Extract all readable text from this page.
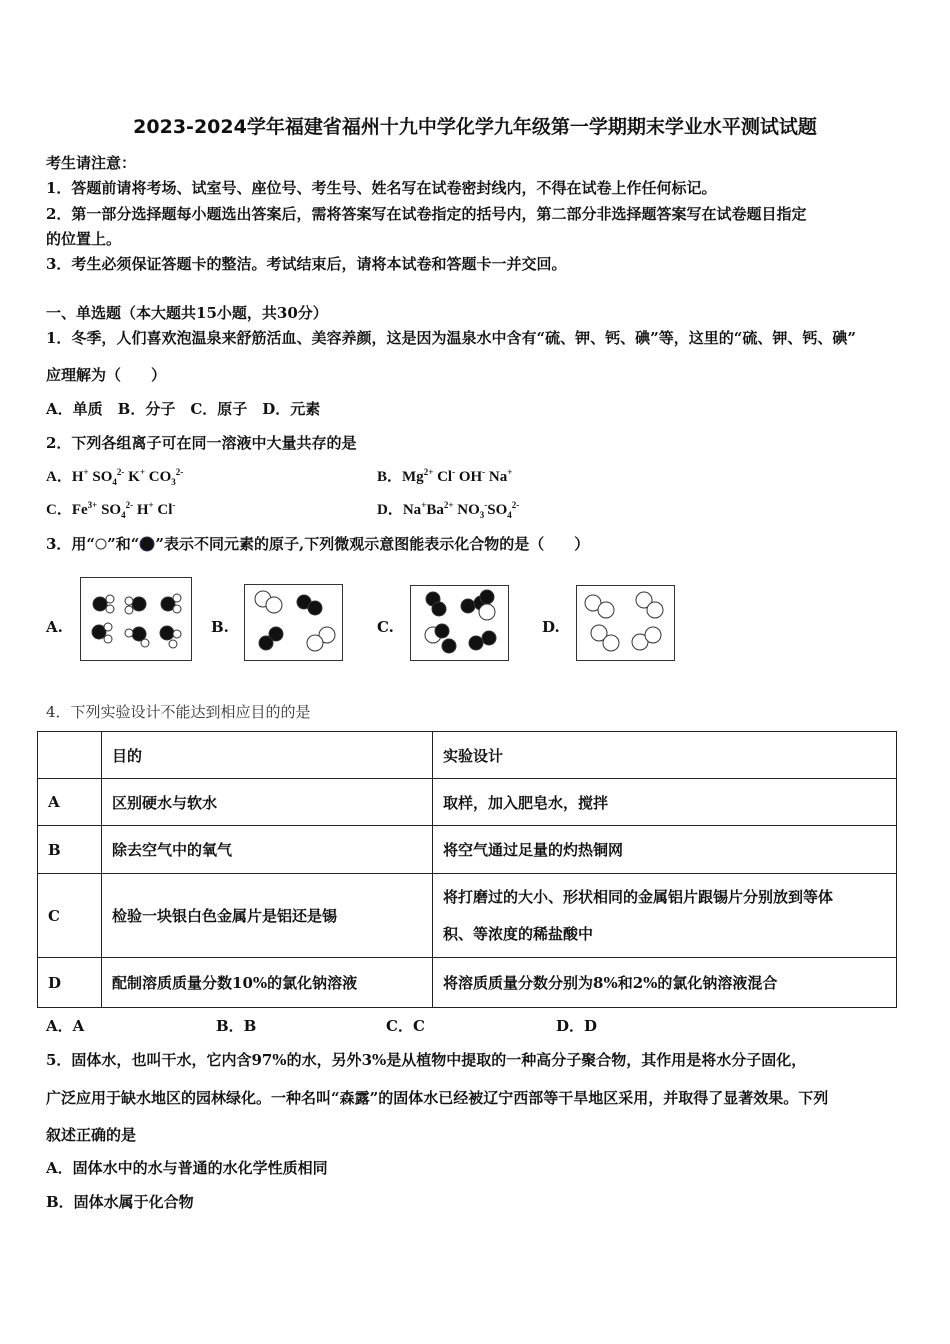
2023-2024学年福建省福州十九中学化学九年级第一学期期末学业水平测试试题
考生请注意：
1．答题前请将考场、试室号、座位号、考生号、姓名写在试卷密封线内，不得在试卷上作任何标记。
2．第一部分选择题每小题选出答案后，需将答案写在试卷指定的括号内，第二部分非选择题答案写在试卷题目指定
的位置上。
3．考生必须保证答题卡的整洁。考试结束后，请将本试卷和答题卡一并交回。
一、单选题（本大题共15小题，共30分）
1．冬季，人们喜欢泡温泉来舒筋活血、美容养颜，这是因为温泉水中含有“硫、钾、钙、碘”等，这里的“硫、钾、钙、碘”
应理解为（　　）
A．单质　B．分子　C．原子　D．元素
2．下列各组离子可在同一溶液中大量共存的是
A．H+ $SO_4^{2-}$ K+ $CO_3^{2-}$	B．$Mg^{2+}$ Cl- OH- Na+
C．$Fe^{3+}$ $SO_4^{2-}$ H+ Cl-	D．$Na^+Ba^{2+}$ $NO_3^-SO_4^{2-}$
3．用“ ”和“ ”表示不同元素的原子,下列微观示意图能表示化合物的是（　　）
A.	B.	C.	D.
4．下列实验设计不能达到相应目的的是
	目的	实验设计
A	区别硬水与软水	取样，加入肥皂水，搅拌
B	除去空气中的氧气	将空气通过足量的灼热铜网
C	检验一块银白色金属片是铝还是锡	将打磨过的大小、形状相同的金属铝片跟锡片分别放到等体
积、等浓度的稀盐酸中

D	配制溶质质量分数10%的氯化钠溶液	将溶质质量分数分别为8%和2%的氯化钠溶液混合
A．A	B．B	C．C	D．D
5．固体水，也叫干水，它内含97%的水，另外3%是从植物中提取的一种高分子聚合物，其作用是将水分子固化，
广泛应用于缺水地区的园林绿化。一种名叫“森露”的固体水已经被辽宁西部等干旱地区采用，并取得了显著效果。下列
叙述正确的是
A．固体水中的水与普通的水化学性质相同
B．固体水属于化合物
